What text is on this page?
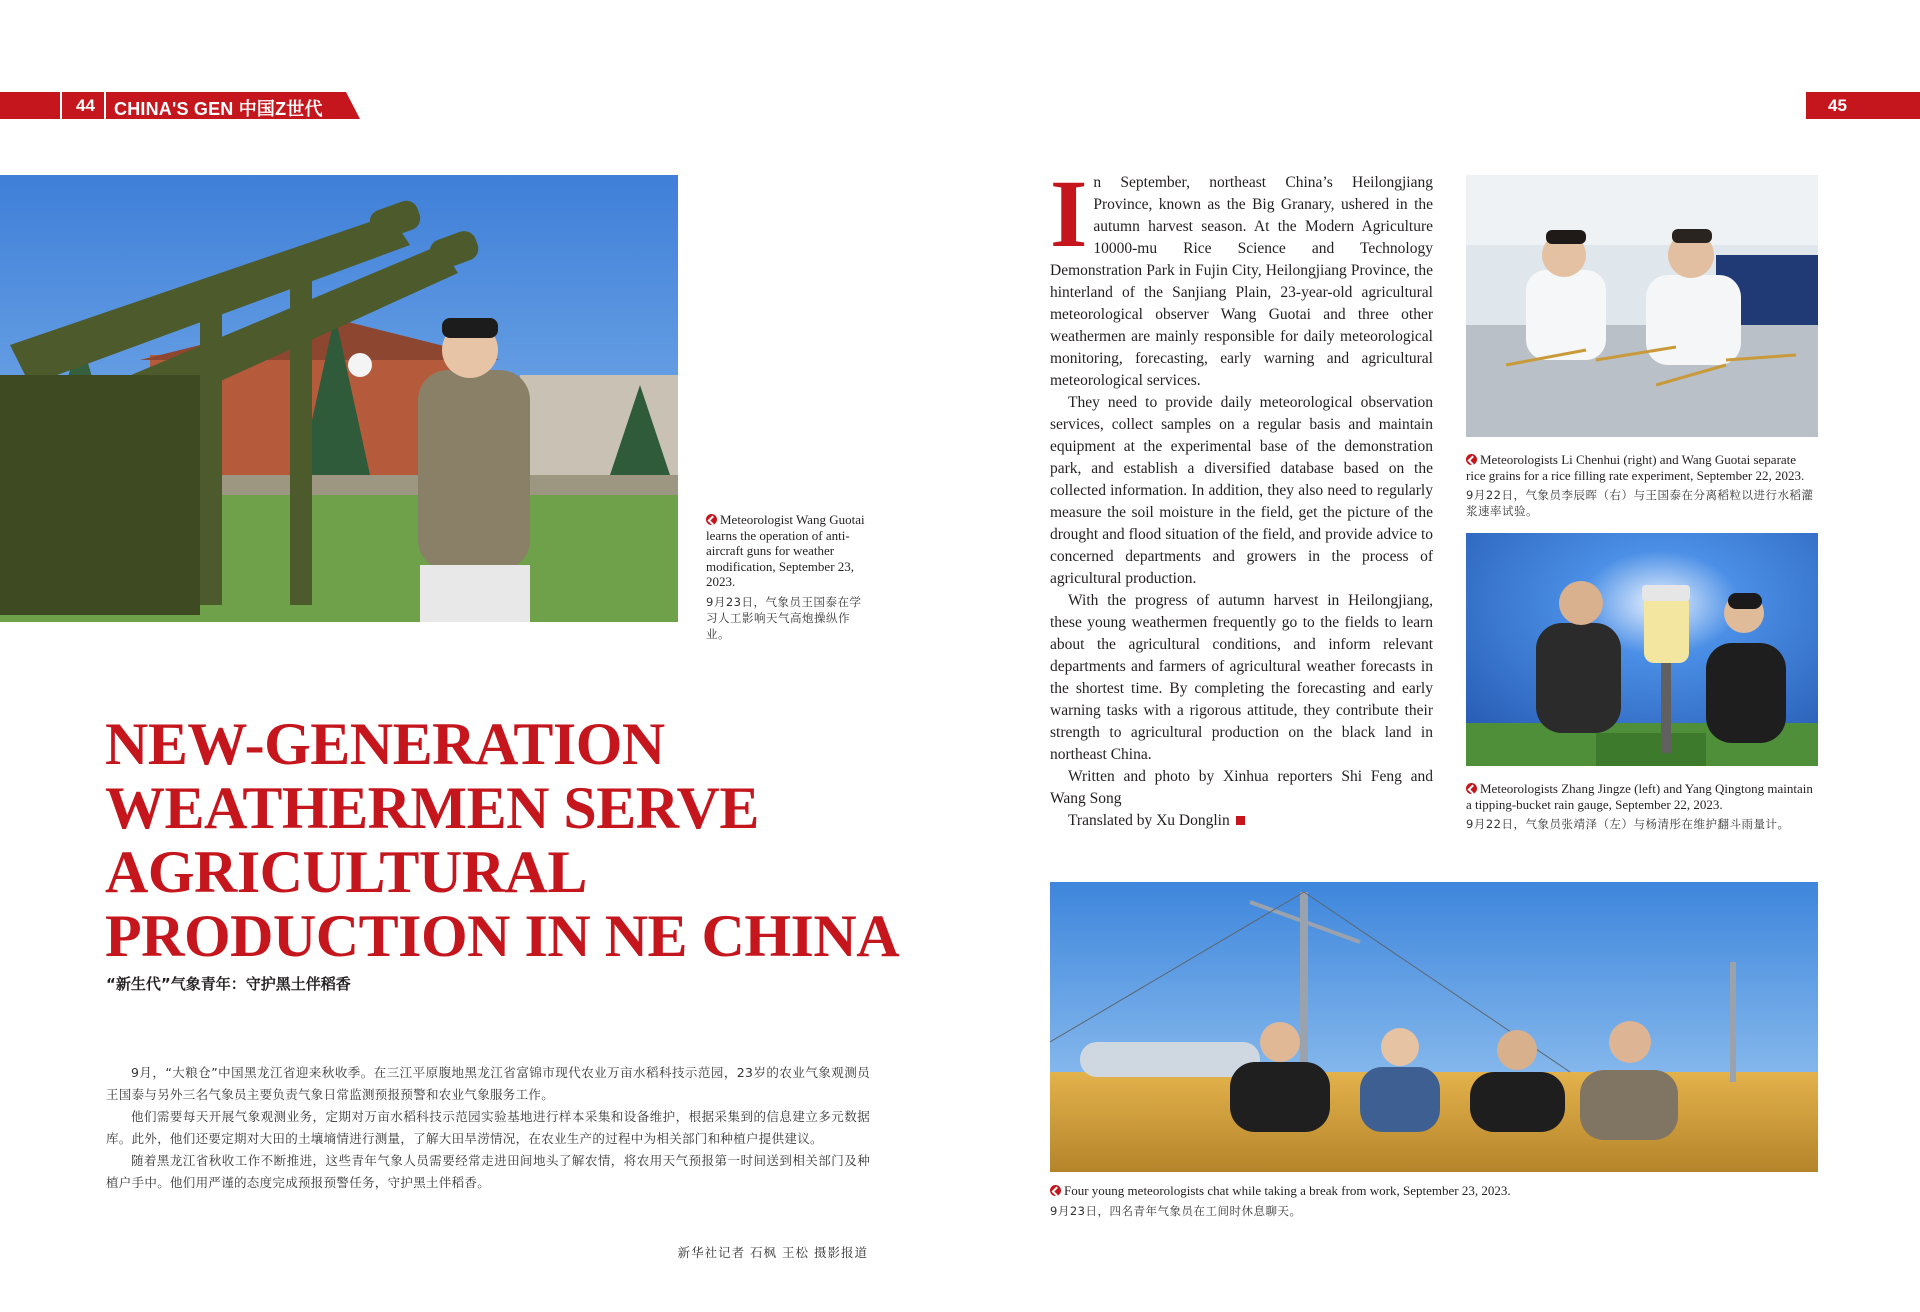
44 CHINA'S GEN 中国Z世代	45
Meteorologist Wang Guotai learns the operation of anti-aircraft guns for weather modification, September 23, 2023.
9月23日，气象员王国泰在学习人工影响天气高炮操纵作业。
NEW-GENERATION
WEATHERMEN SERVE
AGRICULTURAL
PRODUCTION IN NE CHINA
“新生代”气象青年：守护黑土伴稻香

9月，“大粮仓”中国黑龙江省迎来秋收季。在三江平原腹地黑龙江省富锦市现代农业万亩水稻科技示范园，23岁的农业气象观测员王国泰与另外三名气象员主要负责气象日常监测预报预警和农业气象服务工作。

他们需要每天开展气象观测业务，定期对万亩水稻科技示范园实验基地进行样本采集和设备维护，根据采集到的信息建立多元数据库。此外，他们还要定期对大田的土壤墒情进行测量，了解大田旱涝情况，在农业生产的过程中为相关部门和种植户提供建议。

随着黑龙江省秋收工作不断推进，这些青年气象人员需要经常走进田间地头了解农情，将农用天气预报第一时间送到相关部门及种植户手中。他们用严谨的态度完成预报预警任务，守护黑土伴稻香。

新华社记者 石枫 王松 摄影报道

In September, northeast China’s Heilongjiang Province, known as the Big Granary, ushered in the autumn harvest season. At the Modern Agriculture 10000-mu Rice Science and Technology Demonstration Park in Fujin City, Heilongjiang Province, the hinterland of the Sanjiang Plain, 23-year-old agricultural meteorological observer Wang Guotai and three other weathermen are mainly responsible for daily meteorological monitoring, forecasting, early warning and agricultural meteorological services.

They need to provide daily meteorological observation services, collect samples on a regular basis and maintain equipment at the experimental base of the demonstration park, and establish a diversified database based on the collected information. In addition, they also need to regularly measure the soil moisture in the field, get the picture of the drought and flood situation of the field, and provide advice to concerned departments and growers in the process of agricultural production.

With the progress of autumn harvest in Heilongjiang, these young weathermen frequently go to the fields to learn about the agricultural conditions, and inform relevant departments and farmers of agricultural weather forecasts in the shortest time. By completing the forecasting and early warning tasks with a rigorous attitude, they contribute their strength to agricultural production on the black land in northeast China.

Written and photo by Xinhua reporters Shi Feng and Wang Song

Translated by Xu Donglin

Meteorologists Li Chenhui (right) and Wang Guotai separate rice grains for a rice filling rate experiment, September 22, 2023.
9月22日，气象员李辰晖（右）与王国泰在分离稻粒以进行水稻灌浆速率试验。
Meteorologists Zhang Jingze (left) and Yang Qingtong maintain a tipping-bucket rain gauge, September 22, 2023.
9月22日，气象员张靖泽（左）与杨清彤在维护翻斗雨量计。
Four young meteorologists chat while taking a break from work, September 23, 2023.
9月23日，四名青年气象员在工间时休息聊天。
